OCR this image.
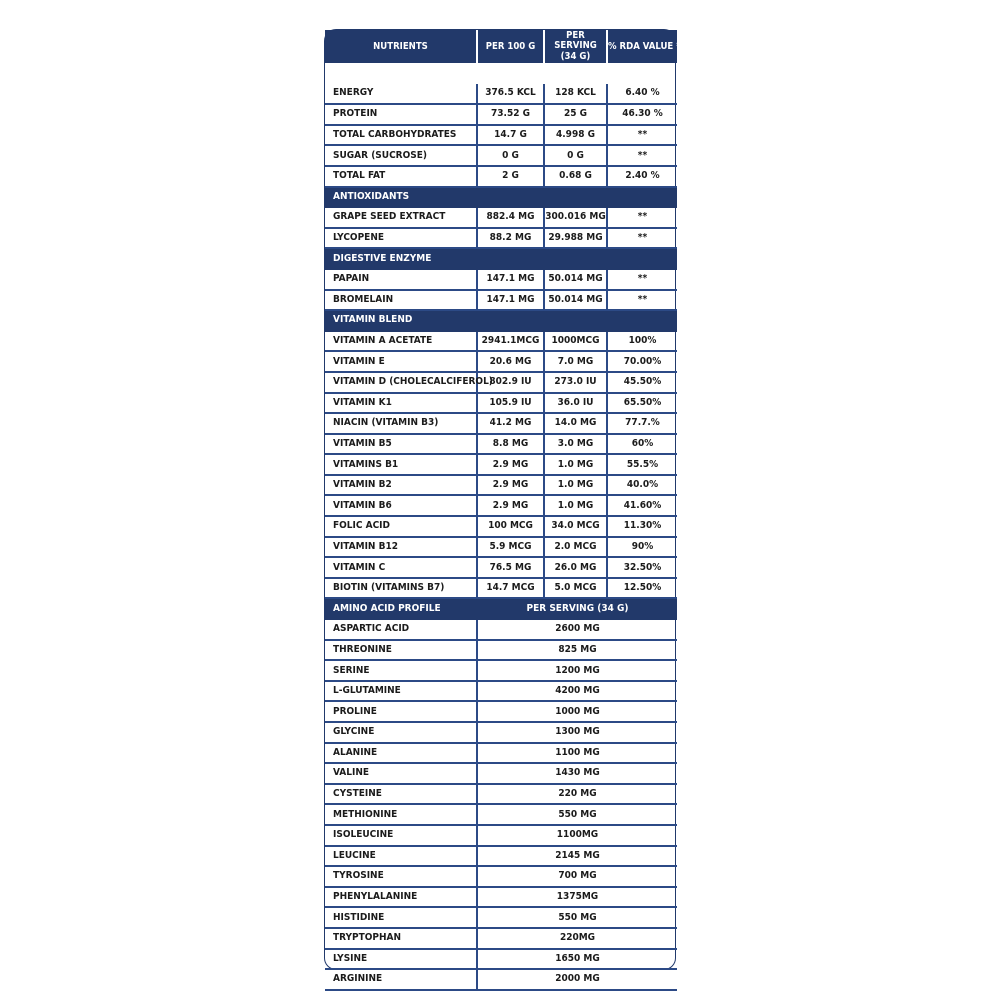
NUTRIENTS	PER 100 G	PER SERVING (34 G)	% RDA VALUE *

ENERGY	376.5 KCL	128 KCL	6.40 %
PROTEIN	73.52 G	25 G	46.30 %
TOTAL CARBOHYDRATES	14.7 G	4.998 G	**
SUGAR (SUCROSE)	0 G	0 G	**
TOTAL FAT	2 G	0.68 G	2.40 %
ANTIOXIDANTS			
GRAPE SEED EXTRACT	882.4 MG	300.016 MG	**
LYCOPENE	88.2 MG	29.988 MG	**
DIGESTIVE ENZYME			
PAPAIN	147.1 MG	50.014 MG	**
BROMELAIN	147.1 MG	50.014 MG	**
VITAMIN BLEND			
VITAMIN A ACETATE	2941.1MCG	1000MCG	100%
VITAMIN E	20.6 MG	7.0 MG	70.00%
VITAMIN D (CHOLECALCIFEROL)	802.9 IU	273.0 IU	45.50%
VITAMIN K1	105.9 IU	36.0 IU	65.50%
NIACIN (VITAMIN B3)	41.2 MG	14.0 MG	77.7.%
VITAMIN B5	8.8 MG	3.0 MG	60%
VITAMINS B1	2.9 MG	1.0 MG	55.5%
VITAMIN B2	2.9 MG	1.0 MG	40.0%
VITAMIN B6	2.9 MG	1.0 MG	41.60%
FOLIC ACID	100 MCG	34.0 MCG	11.30%
VITAMIN B12	5.9 MCG	2.0 MCG	90%
VITAMIN C	76.5 MG	26.0 MG	32.50%
BIOTIN (VITAMINS B7)	14.7 MCG	5.0 MCG	12.50%
AMINO ACID PROFILE	PER SERVING (34 G)		
ASPARTIC ACID	2600 MG		
THREONINE	825 MG		
SERINE	1200 MG		
L-GLUTAMINE	4200 MG		
PROLINE	1000 MG		
GLYCINE	1300 MG		
ALANINE	1100 MG		
VALINE	1430 MG		
CYSTEINE	220 MG		
METHIONINE	550 MG		
ISOLEUCINE	1100MG		
LEUCINE	2145 MG		
TYROSINE	700 MG		
PHENYLALANINE	1375MG		
HISTIDINE	550 MG		
TRYPTOPHAN	220MG		
LYSINE	1650 MG		
ARGININE	2000 MG		
